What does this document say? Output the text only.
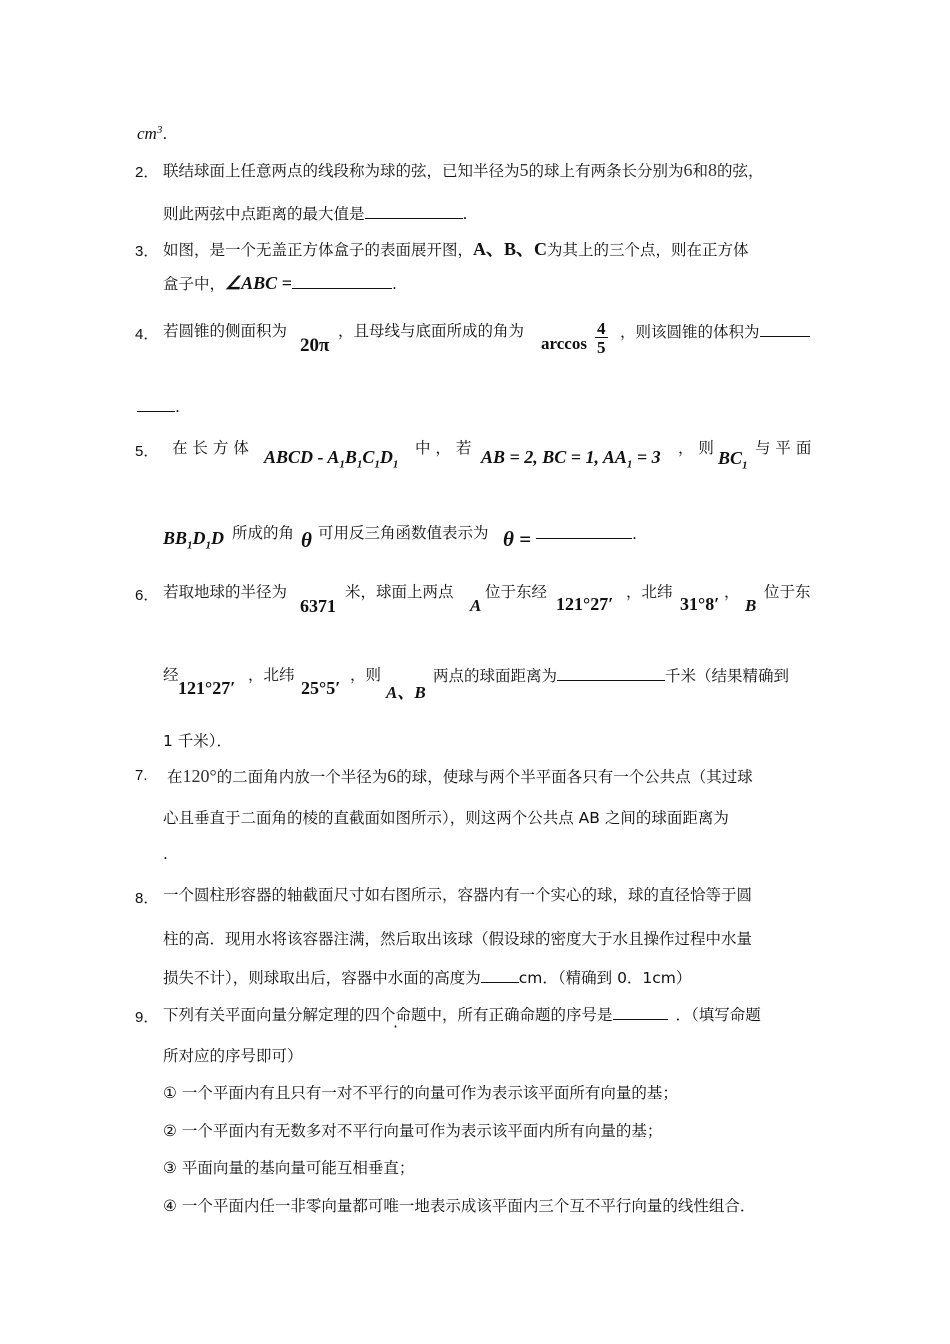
$cm^3$.
2． 联结球面上任意两点的线段称为球的弦，已知半径为5的球上有两条长分别为6和8的弦，
则此两弦中点距离的最大值是	.
3． 如图，是一个无盖正方体盒子的表面展开图，A、B、C为其上的三个点，则在正方体
盒子中，∠ABC =	.
4． 若圆锥的侧面积为
20π
，且母线与底面所成的角为
$\arccos \frac{4}{5}$ ，则该圆锥的体积为
.
5． 在 长 方 体 ABCD - $A_1B_1C_1D_1$
中 ， 若 AB = 2, BC = 1, $AA_1 = 3$ ， 则 $BC_1$
与 平 面
$BB_1D_1D$ 所成的角 θ 可用反三角函数值表示为 θ =	.
6． 若取地球的半径为
6371
米，球面上两点
A
位于东经
121°27′
，北纬
31°8′
，
B
位于东
经
121°27′
，北纬
25°5′
，则
A、B
两点的球面距离为	千米（结果精确到
1 千米）．
7. 在120°的二面角内放一个半径为6的球，使球与两个半平面各只有一个公共点（其过球
心且垂直于二面角的棱的直截面如图所示），则这两个公共点 AB 之间的球面距离为
.
8． 一个圆柱形容器的轴截面尺寸如右图所示，容器内有一个实心的球，球的直径恰等于圆
柱的高．现用水将该容器注满，然后取出该球（假设球的密度大于水且操作过程中水量
损失不计），则球取出后，容器中水面的高度为 cm．（精确到 0．1cm）
9． 下列有关平面向量分解定理的四个命题中，所有正确命题的序号是	．（填写命题
所对应的序号即可）
① 一个平面内有且只有一对不平行的向量可作为表示该平面所有向量的基；
② 一个平面内有无数多对不平行向量可作为表示该平面内所有向量的基；
③ 平面向量的基向量可能互相垂直；
④ 一个平面内任一非零向量都可唯一地表示成该平面内三个互不平行向量的线性组合．
